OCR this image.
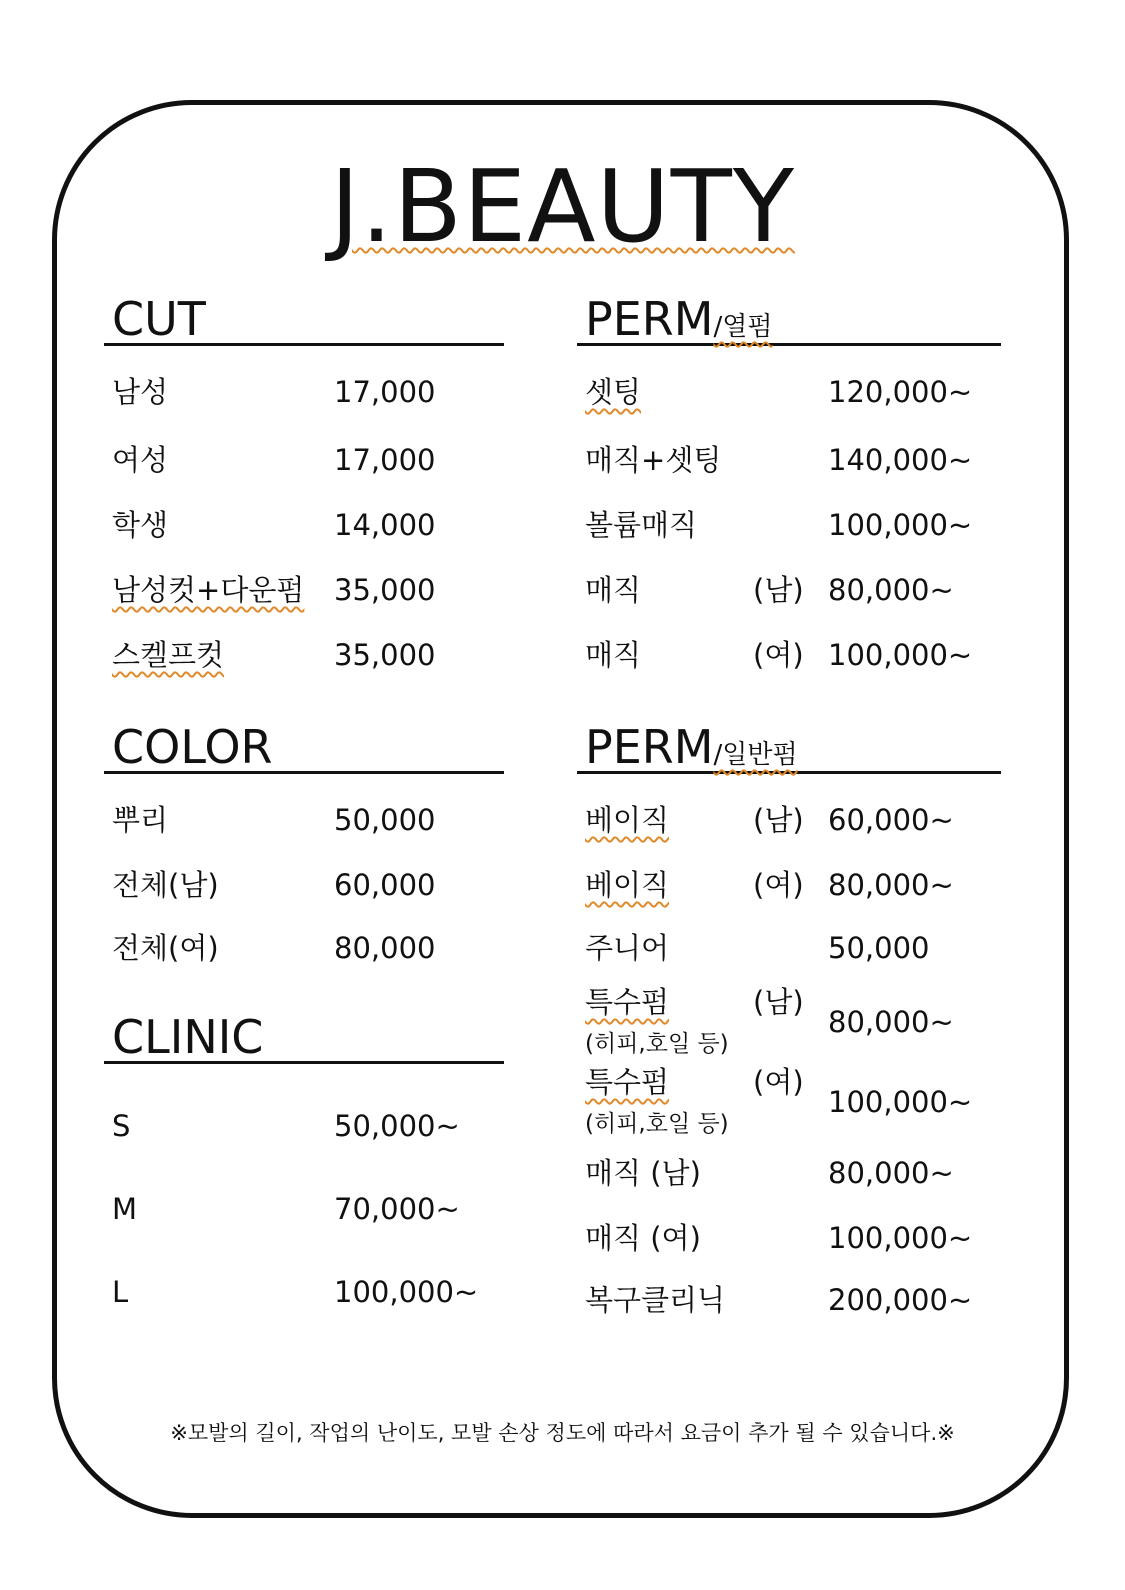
J.BEAUTY
CUT
남성	17,000
여성	17,000
학생	14,000
남성컷+다운펌 35,000
스켈프컷	35,000
COLOR
뿌리	50,000
전체(남)	60,000
전체(여)	80,000
CLINIC
S	50,000~
M	70,000~
L	100,000~
PERM/열펌
셋팅	120,000~
매직+셋팅	140,000~
볼륨매직	100,000~
매직	(남) 80,000~
매직	(여) 100,000~
PERM/일반펌
베이직	(남) 60,000~
베이직	(여) 80,000~
주니어	50,000
특수펌	(남)
80,000~
(히피,호일 등)
특수펌	(여)
100,000~
(히피,호일 등)
매직 (남)	80,000~
매직 (여)	100,000~
복구클리닉	200,000~
※모발의 길이, 작업의 난이도, 모발 손상 정도에 따라서 요금이 추가 될 수 있습니다.※
